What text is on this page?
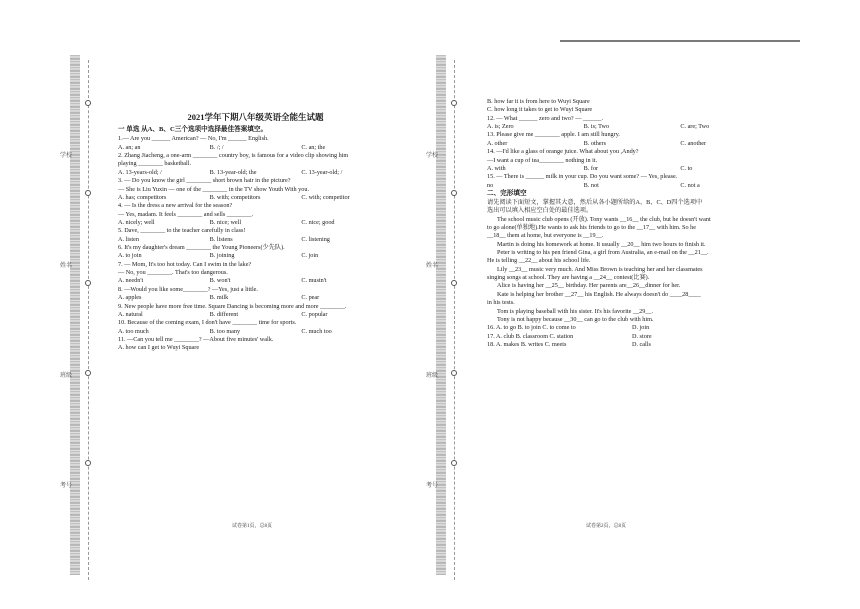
学校
姓名
班级
考号
学校
姓名
班级
考号

2021学年下期八年级英语全能生试题

一 单选 从A、B、C三个选项中选择最佳答案填空。

1.— Are you ______ American? — No, I'm ______ English.

A. an; an	B. /; /	C. an; the

2. Zhang Jiacheng, a one-arm ________ country boy, is famous for a video clip showing him

playing ________ basketball.

A. 13-years-old; /	B. 13-year-old; the	C. 13-year-old; /

3. — Do you know the girl ________ short brown hair in the picture?

— She is Liu Yuxin — one of the ________ in the TV show Youth With you.

A. has; competitors	B. with; competitors	C. with; competitor

4. — Is the dress a new arrival for the season?

— Yes, madam. It feels ________ and sells ________.

A. nicely; well	B. nice; well	C. nice; good

5. Dave, ________ to the teacher carefully in class!

A. listen	B. listens	C. listening

6. It's my daughter's dream ________ the Young Pioneers(少先队).

A. to join	B. joining	C. join

7. — Mom, It's too hot today. Can I swim in the lake?

— No, you ________. That's too dangerous.

A. needn't	B. won't	C. mustn't

8. —Would you like some________? —Yes, just a little.

A. apples	B. milk	C. pear

9. New people have more free time. Square Dancing is becoming more and more ________.

A. natural	B. different	C. popular

10. Because of the coming exam, I don't have ________ time for sports.

A. too much	B. too many	C. much too

11. —Can you tell me ________? —About five minutes' walk.

A. how can I get to Wuyi Square

试卷第1页，总8页

B. how far it is from here to Wuyi Square

C. how long it takes to get to Wuyi Square

12. — What ______ zero and two? — ______.

A. is; Zero	B. is; Two	C. are; Two

13. Please give me ________ apple. I am still hungry.

A. other	B. others	C. another

14. —I'd like a glass of orange juice. What about you ,Andy?

—I want a cup of tea________ nothing in it.

A. with	B. for	C. to

15. — There is ______ milk in your cup. Do you want some? — Yes, please.

no	B. not	C. not a

二、完形填空

请先阅读下面短文，掌握其大意，然后从各小题所给的A、B、C、D四个选项中

选出可以填入相应空白处的最佳选项。

The school music club opens (开放). Tony wants __16__ the club, but he doesn't want

to go alone(单独地).He wants to ask his friends to go to the __17__ with him. So he

__18__ them at home, but everyone is __19__.

Martin is doing his homework at home. It usually __20__ him two hours to finish it.

Peter is writing to his pen friend Gina, a girl from Australia, an e-mail on the __21__.

He is telling __22__ about his school life.

Lily __23__ music very much. And Miss Brown is teaching her and her classmates

singing songs at school. They are having a __24__ contest(比赛).

Alice is having her __25__ birthday. Her parents are__26__dinner for her.

Kate is helping her brother __27__ his English. He always doesn't do ____28____

in his tests.

Tom is playing baseball with his sister. It's his favorite __29__.

Tony is not happy because __30__ can go to the club with him.

16. A. to go B. to join C. to come to	D. join

17. A. club B. classroom C. station	D. store

18. A. makes B. writes C. meets	D. calls

试卷第2页，总8页
